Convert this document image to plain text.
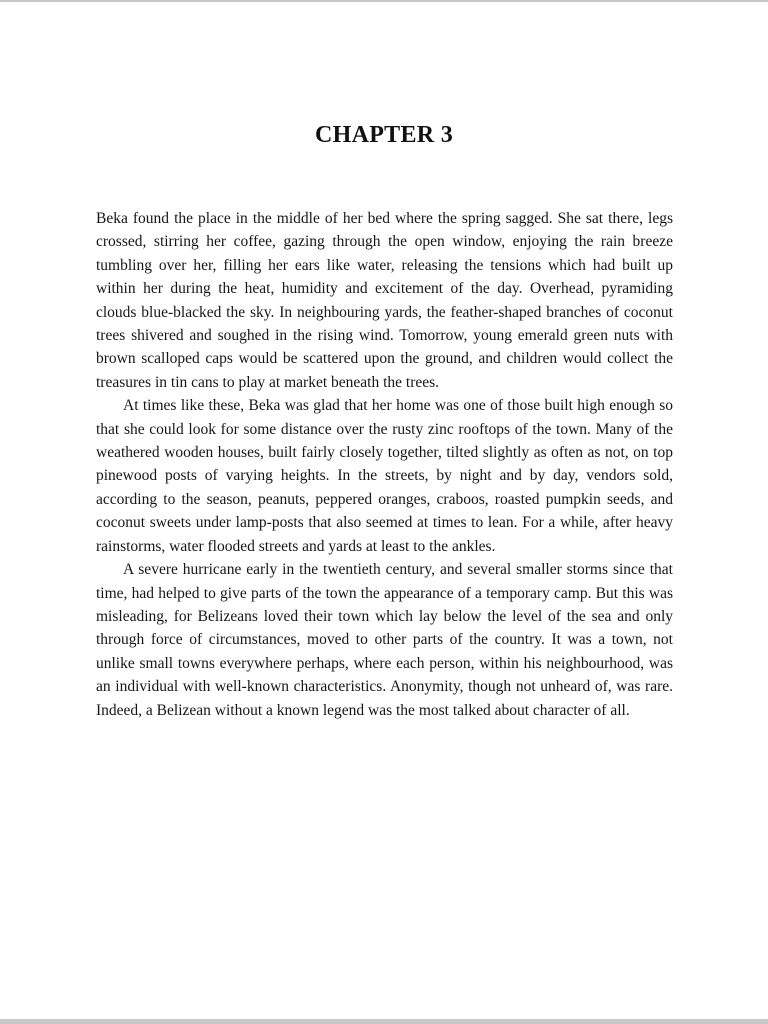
CHAPTER 3

Beka found the place in the middle of her bed where the spring sagged. She sat there, legs crossed, stirring her coffee, gazing through the open window, enjoying the rain breeze tumbling over her, filling her ears like water, releasing the tensions which had built up within her during the heat, humidity and excitement of the day. Overhead, pyramiding clouds blue-blacked the sky. In neighbouring yards, the feather-shaped branches of coconut trees shivered and soughed in the rising wind. Tomorrow, young emerald green nuts with brown scalloped caps would be scattered upon the ground, and children would collect the treasures in tin cans to play at market beneath the trees.

At times like these, Beka was glad that her home was one of those built high enough so that she could look for some distance over the rusty zinc rooftops of the town. Many of the weathered wooden houses, built fairly closely together, tilted slightly as often as not, on top pinewood posts of varying heights. In the streets, by night and by day, vendors sold, according to the season, peanuts, peppered oranges, craboos, roasted pumpkin seeds, and coconut sweets under lamp-posts that also seemed at times to lean. For a while, after heavy rainstorms, water flooded streets and yards at least to the ankles.

A severe hurricane early in the twentieth century, and several smaller storms since that time, had helped to give parts of the town the appearance of a temporary camp. But this was misleading, for Belizeans loved their town which lay below the level of the sea and only through force of circumstances, moved to other parts of the country. It was a town, not unlike small towns everywhere perhaps, where each person, within his neighbourhood, was an individual with well-known characteristics. Anonymity, though not unheard of, was rare. Indeed, a Belizean without a known legend was the most talked about character of all.
